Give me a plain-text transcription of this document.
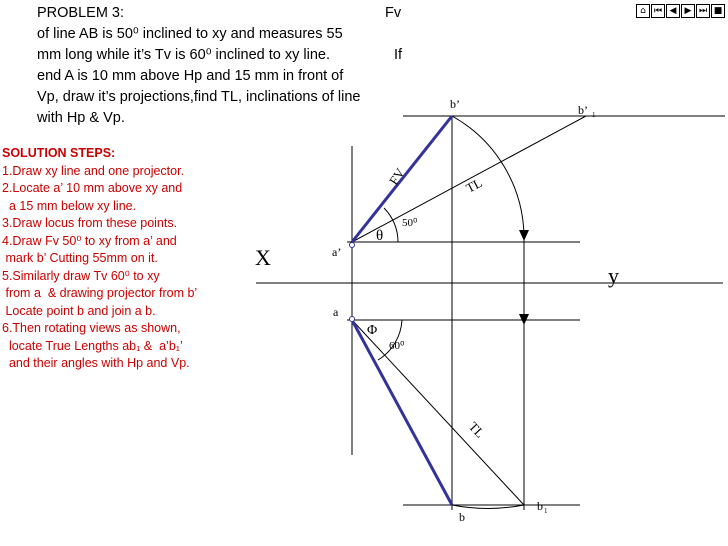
PROBLEM 3:	Fv
of line AB is 50⁰ inclined to xy and measures 55
mm long while it’s Tv is 60⁰ inclined to xy line.	If
end A is 10 mm above Hp and 15 mm in front of
Vp, draw it’s projections,find TL, inclinations of line
with Hp & Vp.
SOLUTION STEPS:
1.Draw xy line and one projector.
2.Locate a’ 10 mm above xy and
a 15 mm below xy line.
3.Draw locus from these points.
4.Draw Fv 50⁰ to xy from a’ and
mark b’ Cutting 55mm on it.
5.Similarly draw Tv 60⁰ to xy
from a  & drawing projector from b’
Locate point b and join a b.
6.Then rotating views as shown,
locate True Lengths ab₁ &  a’b₁’
and their angles with Hp and Vp.
⌂ ⏮ ◀ ▶ ⏭ ■
X
y
b’	b’ 1
a’
a
b
b 1
FV	TL
TL
50⁰
60⁰
θ
Φ
